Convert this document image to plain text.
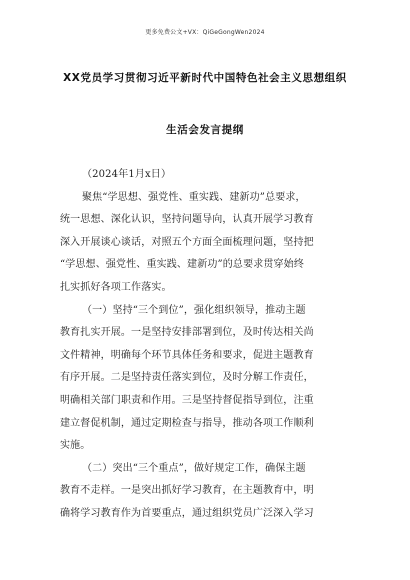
更多免费公文+VX：QiGeGongWen2024
XX党员学习贯彻习近平新时代中国特色社会主义思想组织
生活会发言提纲
（2024年1月x日）

聚焦“学思想、强党性、重实践、建新功”总要求，
统一思想、深化认识，坚持问题导向，认真开展学习教育
深入开展谈心谈话，对照五个方面全面梳理问题，坚持把
“学思想、强党性、重实践、建新功”的总要求贯穿始终
扎实抓好各项工作落实。

（一）坚持“三个到位”，强化组织领导，推动主题
教育扎实开展。一是坚持安排部署到位，及时传达相关尚
文件精神，明确每个环节具体任务和要求，促进主题教育
有序开展。二是坚持责任落实到位，及时分解工作责任，
明确相关部门职责和作用。三是坚持督促指导到位，注重
建立督促机制，通过定期检查与指导，推动各项工作顺利
实施。

（二）突出“三个重点”，做好规定工作，确保主题
教育不走样。一是突出抓好学习教育，在主题教育中，明
确将学习教育作为首要重点，通过组织党员广泛深入学习
